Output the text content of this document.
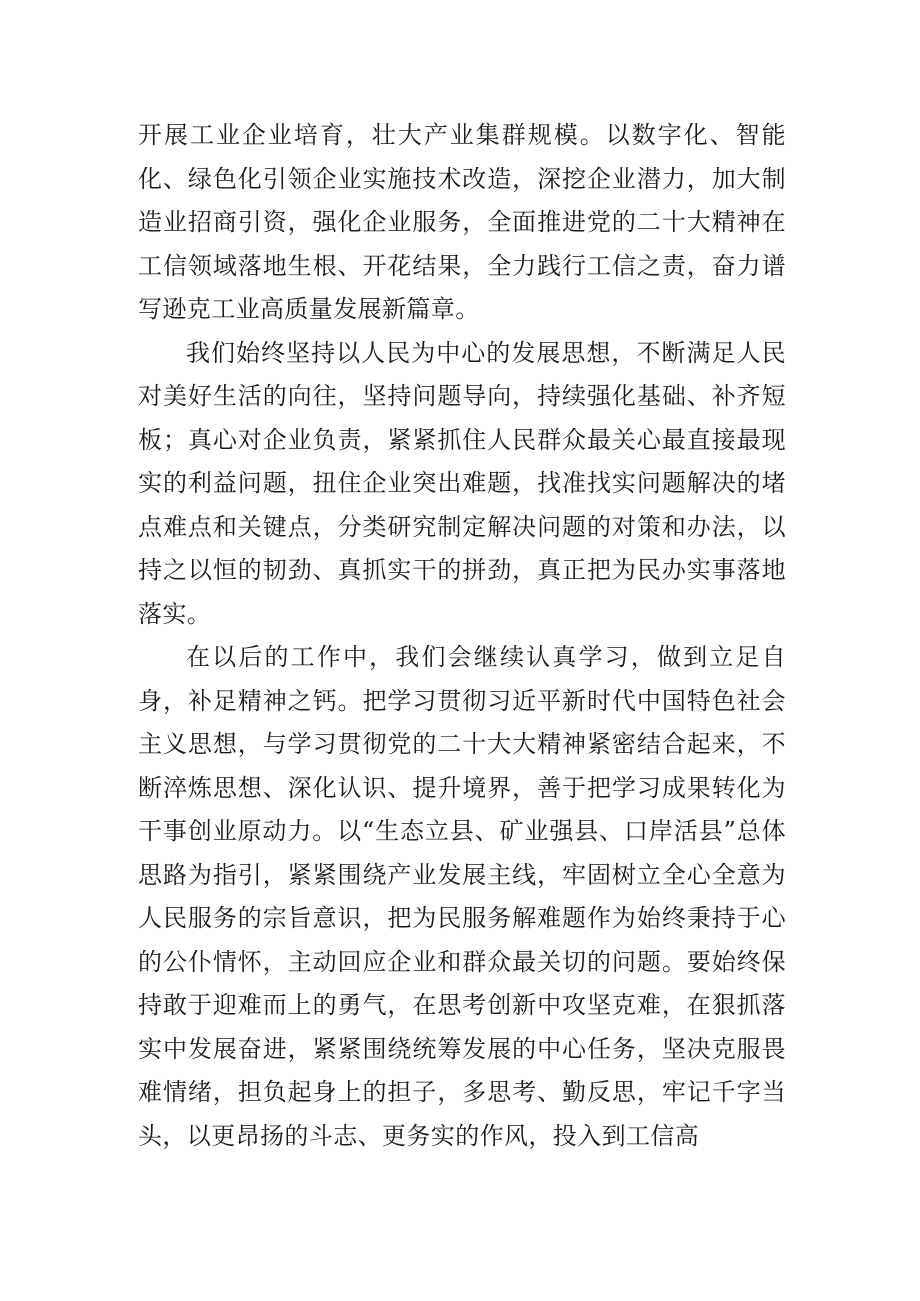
开展工业企业培育，壮大产业集群规模。以数字化、智能化、绿色化引领企业实施技术改造，深挖企业潜力，加大制造业招商引资，强化企业服务，全面推进党的二十大精神在工信领域落地生根、开花结果，全力践行工信之责，奋力谱写逊克工业高质量发展新篇章。

我们始终坚持以人民为中心的发展思想，不断满足人民对美好生活的向往，坚持问题导向，持续强化基础、补齐短板；真心对企业负责，紧紧抓住人民群众最关心最直接最现实的利益问题，扭住企业突出难题，找准找实问题解决的堵点难点和关键点，分类研究制定解决问题的对策和办法，以持之以恒的韧劲、真抓实干的拼劲，真正把为民办实事落地落实。

在以后的工作中，我们会继续认真学习，做到立足自身，补足精神之钙。把学习贯彻习近平新时代中国特色社会主义思想，与学习贯彻党的二十大大精神紧密结合起来，不断淬炼思想、深化认识、提升境界，善于把学习成果转化为干事创业原动力。以“生态立县、矿业强县、口岸活县”总体思路为指引，紧紧围绕产业发展主线，牢固树立全心全意为人民服务的宗旨意识，把为民服务解难题作为始终秉持于心的公仆情怀，主动回应企业和群众最关切的问题。要始终保持敢于迎难而上的勇气，在思考创新中攻坚克难，在狠抓落实中发展奋进，紧紧围绕统筹发展的中心任务，坚决克服畏难情绪，担负起身上的担子，多思考、勤反思，牢记千字当头，以更昂扬的斗志、更务实的作风，投入到工信高
